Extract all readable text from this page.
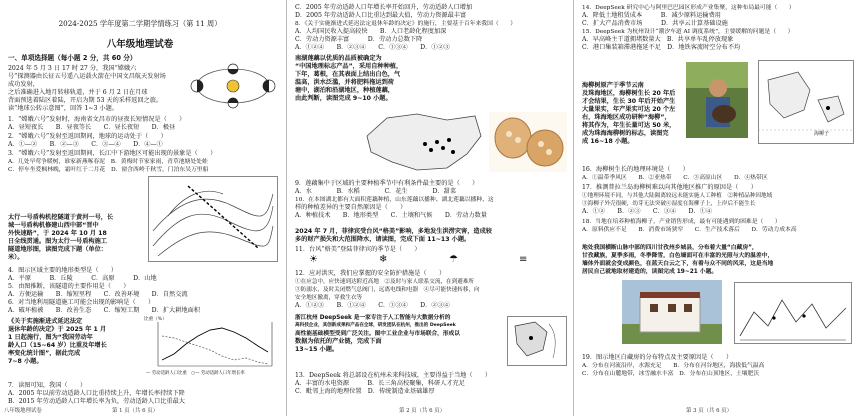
2024-2025 学年度第二学期学情练习（第 11 周）
八年级地理试卷
一、单项选择题（每小题 2 分，共 60 分）
2024 年 5 月 3 日 17 时 27 分，我国“嫦娥六
号”探测器由长征五号遥八运载火箭在中国文昌航天发射场成功发射，
之后准确进入地月转移轨道，并于 6 月 2 日在月球
背面预选着陆区着陆，开启为期 53 天的采样返回之旅。
读“地球公转示意图”，回答 1~3 小题。
1．“嫦娥六号”发射时，海南省文昌市的昼夜长短情况是（　　）
A．昼短夜长　　B．昼夜等长　　C．昼长夜短　　D．极昼
2．“嫦娥六号”发射至返回期间，地球的运动处于（　　）
A．①—②　　B．②—③　　C．③—④　　D．④—①
3．“嫦娥六号”发射至返回期间，长江中下游地区可能出现的景象是（　　）
A．几处早莺争暖树，谁家新燕啄春泥　B．黄梅时节家家雨，青草池塘处处蛙
C．停车坐爱枫林晚，霜叶红于二月花　D．窗含西岭千秋雪，门泊东吴万里船
太行一号盾构机挖隧道于黄河一号，长
城一号盾构机修建山西中部“晋中
外快速路”，于 2024 年 10 月 18
日全线贯通。图为太行一号盾构施工
隧道地形图，读图完成下题（单位：
米）。
4．图示区域主要的地形类型是（　　）
A．平原　　　B．丘陵　　　C．高原　　　D．山地
5．由图推断，该隧道的主要作用是（　　）
A．方便运输　　B．缩短里程　　C．改善环境　　D．自然交流
6．对当地利用隧道施工可能会出现的影响是（　　）
A．破坏植被　　B．改善生态　　C．缩短工期　　D．扩大耕地面积
《关于实施渐进式延迟法定
退休年龄的决定》于 2025 年 1 月
1 日起施行，图为“我国劳动年
龄人口（15~64 岁）比重及年增长
率变化统计图”，据此完成
7~8 小题。
比重（%）
— 劳动适龄人口比重　○— 劳动适龄人口年增长率
7．读图可知，我国（　　）
A．2005 年以前劳动适龄人口比重持续上升，年增长率持续下降
B．2015 年劳动适龄人口年增长率为负，劳动适龄人口比重最大
八年级地理试卷	第 1 页（共 6 页）
C．2005 年劳动适龄人口年增长率开始回升，劳动适龄人口增加
D．2005 年劳动适龄人口比重达到最大值，劳动力资源最丰富
8．《关于实施渐进式延迟法定退休年龄的决定》的施行，主要基于百年来我国（　　）
A．人均国民收入提高较快　　B．人口老龄化程度加深
C．劳动力资源丰富　　　D．劳动力总数下降
A．①②④　　B．②③④　　C．①③④　　D．①②③
南湖莲藕以优质的品质被确定为
“中国地理标志产品”，采用自种种植，
下年，葛根，在其表面上结出白色，气
温高，洪水泛滥，并将肥料拖运到荷
塘中，湖泊和沿湖地区，种植莲藕，
由此判断，读图完成 9~10 小题。
9．莲藕集中于区域的主要种植季节中有利条件最主要的是（　　）
A．水　　　　B．水稻　　　　C．花生　　　　D．甜菜
10．在本图湖北都有大面积莲藕种植，山东莲藕以播种、湖北莲藕以播种、这
样的种植差异的主要自然原因是（　　）
A．种植技术　　B．地形类型　　C．土壤和气候　　D．劳动力数量
2024 年 7 月，菲律宾受台风“格美”影响，多地发生洪涝灾害，造成较
多的财产损失和大范围降水，请读图，完成下面 11~13 小题。
11．台风“格美”登陆菲律宾的季节是（　　）
☀	❄	☂	≡
12．应对洪灾，我们应掌握的安全防护措施是（　　）
①在应急中，应快速到达附近高地　②及时与家人联系交流，在到避难所
③防溺水，及时关闭燃气总阀门，远离电线和电器　④尽可能快速转移，向
安全地区撤离，穿救生衣等
A．①②③　　B．①②④　　C．①③④　　D．②③④
浙江杭州 DeepSeek 是一家专注于人工智能与大数据分析的
高科技企业，其创新成果和产品在全球，研发团队在杭州，推出的 DeepSeek
高性能基础模型受到广泛关注。图中工业企业与市场联合，形成以
数据为依托的产业链，完成下面
13~15 小题。
13．DeepSeek 将总部设在杭州未来科技城，主要得益于当地（　　）
A．丰富的水电资源　　　B．长三角高校聚集，科研人才充足
C．毗邻上海的地理位置　D．传统制造业基础雄厚
第 2 页（共 6 页）
14．DeepSeek 研究中心与阿里巴巴园区形成产业集聚，这种布局最可能（　　）
A．降低土地租赁成本　　　B．减少原料运输费用
C．扩大产品消费市场　　　D．共享云计算基础设施
15．DeepSeek 为杭州设计“潮汐车道 AI 调度系统”，主要缓解的问题是（　　）
A．早高峰主干道拥堵数量大　B．共享单车乱停放现象
C．港口集装箱滞港拖延不足　D．地铁客流时空分布不均
海柳树原产于季节云南
及珠海地区，海柳树生长 20 年后
才会结果，生长 30 年后开始产生
大量果实，年产果实可达 20 个左
右，珠海地区成功研种“海柳”，
将其作为，年生长量可达 50 米，
成为珠海海柳树的标志，读图完
成 16~18 小题。
海柳子
16．海柳树生长的地理环境是（　　）
A．①温带季风区　　B．②亚热带　　C．③高原山区　　D．④热带区
17．推测普拉兰岛海柳树难以向其他地区推广的原因是（　　）
①地理环境不同，与其他大陆隔离较远未能实施人工种植　②种植品种因地域
③海柳子外壳很硬，幼芽无法突破④湿度在海柳子上，上岸后不能生长
A．①②　　B．②③　　C．③④　　D．①④
18．当地在培养种植海柳子，产业销售形成，最有可能遇到的困难是（　　）
A．原料供应不足　　B．消费市场狭窄　　C．生产技术落后　　D．劳动力成本高
地处我国横断山脉中部的四川甘孜州乡城县，分布着大量“白藏房”，
甘孜藏族，夏季多雨，冬季降雪，白色墙面可在丰富的光照与大的温差中，
墙体外面就会变成颜色，在蓝天白云之下，有着与众不同的风采，这是当地
居民自己就地取材建造的，读图完成 19~21 小题。
19．图示地区白藏房的分布特点及主要原因是（　　）
A．分布在河流沿岸，水源充足　　B．分布在河谷地区，海拔低气温高
C．分布在山麓地带，冰雪融水丰富　D．分布在山顶地区，土壤肥沃
第 3 页（共 6 页）
